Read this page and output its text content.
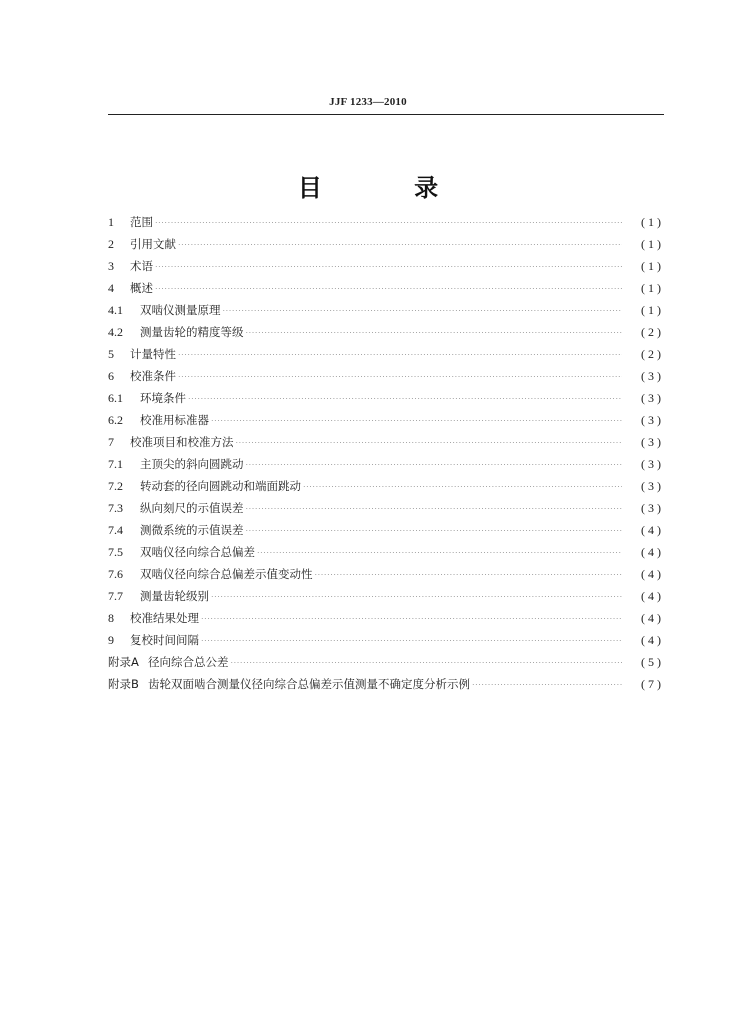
JJF 1233—2010
目 录
1	范围 ·····	(1)
2	引用文献 ·····	(1)
3	术语 ·····	(1)
4	概述 ·····	(1)
4.1	双啮仪测量原理 ·····	(1)
4.2	测量齿轮的精度等级 ·····	(2)
5	计量特性 ·····	(2)
6	校准条件 ·····	(3)
6.1	环境条件 ·····	(3)
6.2	校准用标准器 ·····	(3)
7	校准项目和校准方法 ·····	(3)
7.1	主顶尖的斜向圆跳动 ·····	(3)
7.2	转动套的径向圆跳动和端面跳动 ·····	(3)
7.3	纵向刻尺的示值误差 ·····	(3)
7.4	测微系统的示值误差 ·····	(4)
7.5	双啮仪径向综合总偏差 ·····	(4)
7.6	双啮仪径向综合总偏差示值变动性 ·····	(4)
7.7	测量齿轮级别 ·····	(4)
8	校准结果处理 ·····	(4)
9	复校时间间隔 ·····	(4)
附录A 径向综合总公差 ·····	(5)
附录B 齿轮双面啮合测量仪径向综合总偏差示值测量不确定度分析示例 ·····	(7)
